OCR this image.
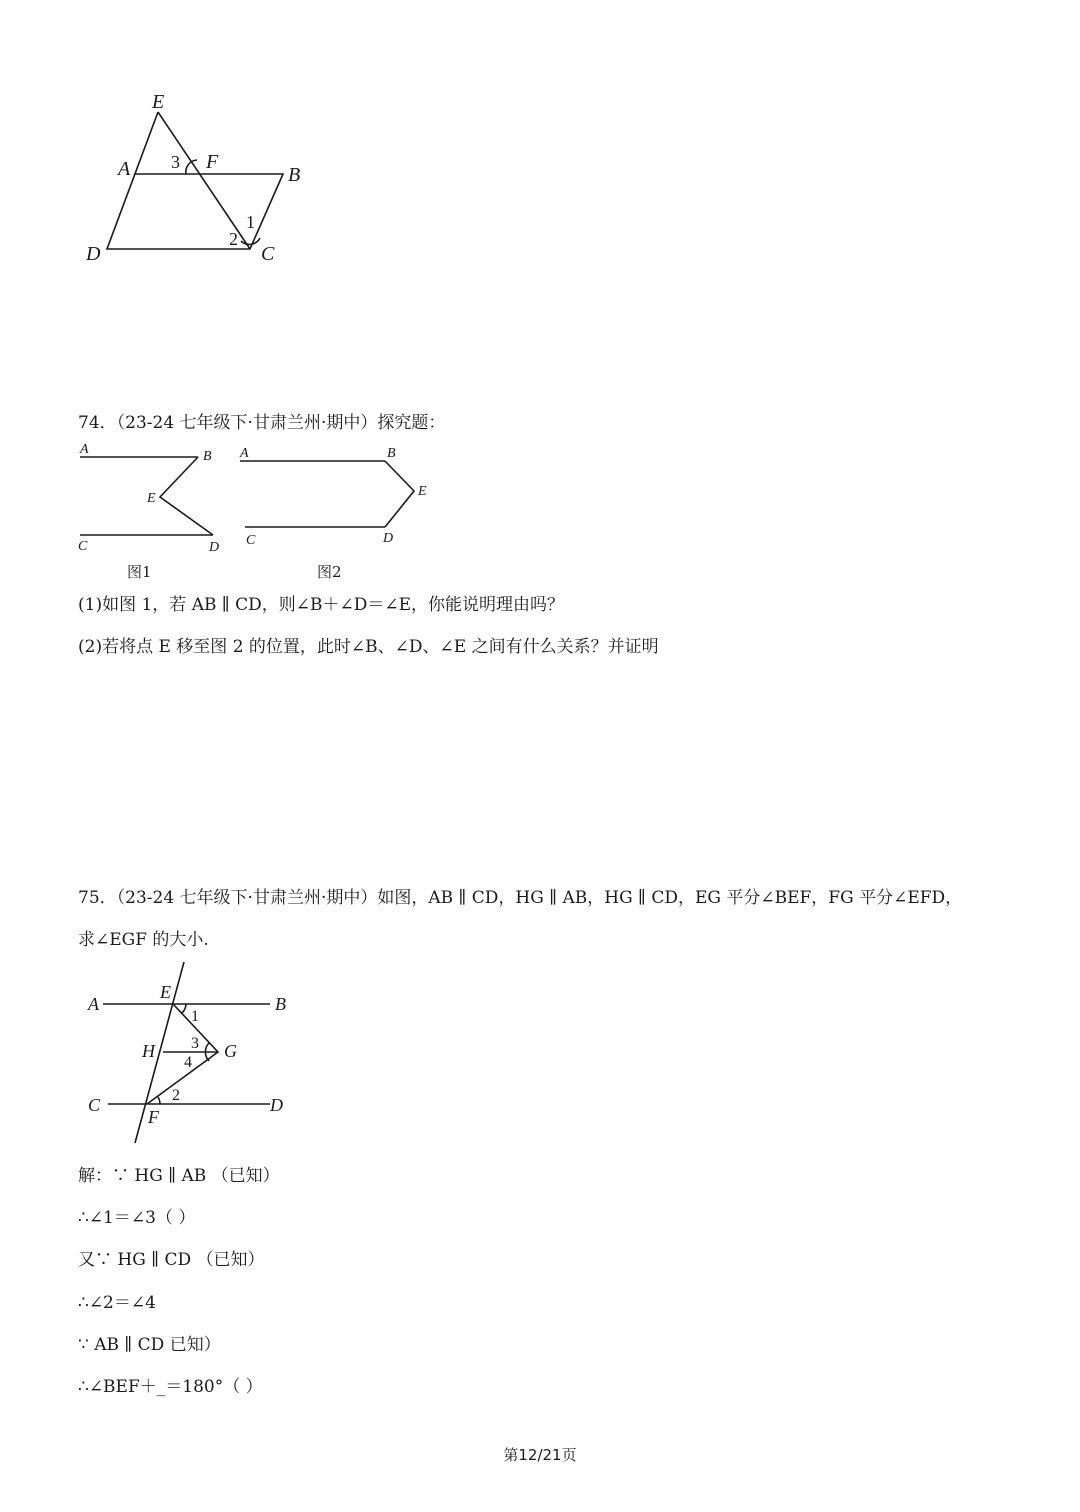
E
A 3 F
B
1
2
D	C
74．（23-24 七年级下·甘肃兰州·期中）探究题：
A	B
E
C	D
图1
A	B
E
C	D
图2
(1)如图 1，若 AB ∥ CD，则∠B＋∠D＝∠E，你能说明理由吗？
(2)若将点 E 移至图 2 的位置，此时∠B、∠D、∠E 之间有什么关系？并证明
75．（23-24 七年级下·甘肃兰州·期中）如图，AB ∥ CD，HG ∥ AB，HG ∥ CD，EG 平分∠BEF，FG 平分∠EFD，
求∠EGF 的大小.
A
E
B
1
H 3
4
G
2
C	D
F
解：∵ HG ∥ AB （已知）
∴∠1＝∠3（ ）
又∵ HG ∥ CD （已知）
∴∠2＝∠4
∵ AB ∥ CD 已知）
∴∠BEF＋_＝180°（ ）
第12/21页
